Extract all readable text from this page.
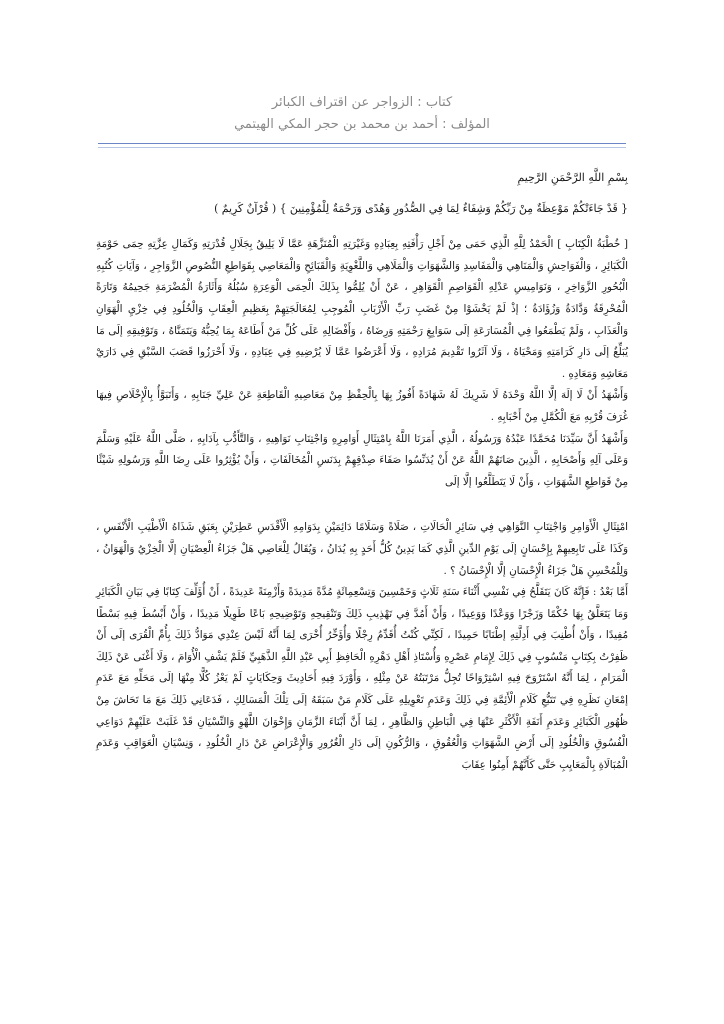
كتاب : الزواجر عن اقتراف الكبائر

المؤلف : أحمد بن محمد بن حجر المكي الهيتمي

بِسْمِ اللَّهِ الرَّحْمَنِ الرَّحِيمِ

{ قَدْ جَاءَتْكُمْ مَوْعِظَةٌ مِنْ رَبِّكُمْ وَشِفَاءٌ لِمَا فِي الصُّدُورِ وَهُدًى وَرَحْمَةٌ لِلْمُؤْمِنِينَ } ( قُرْآنٌ كَرِيمٌ )

[ خُطْبَةُ الْكِتَابِ ] الْحَمْدُ لِلَّهِ الَّذِي حَمَى مِنْ أَجْلِ رَأْفَتِهِ بِعِبَادِهِ وَغَيْرَتِهِ الْمُنَزَّهَةِ عَمَّا لَا يَلِيقُ بِجَلَالِ قُدْرَتِهِ وَكَمَالِ عِزَّتِهِ حِمَى حَوْمَةِ الْكَبَائِرِ ، وَالْفَوَاحِشِ وَالْمَنَاهِي وَالْمَفَاسِدِ وَالشَّهَوَاتِ وَالْمَلَاهِي وَاللَّغْوِيَةِ وَالْقَبَائِحِ وَالْمَعَاصِي بِقَوَاطِعِ النُّصُوصِ الزَّوَاجِرِ ، وَآيَاتِ كُتُبِهِ الْبُحُورِ الزَّوَاخِرِ ، وَنَوَامِيسِ عَدْلِهِ الْقَوَاصِمِ الْقَوَاهِرِ ، عَنْ أَنْ يُلِمُّوا بِذَلِكَ الْحِمَى الْوَعِرَةِ سُبُلُهُ وَأَثَارَةُ الْمُضْرَمَةِ جَحِيمُهُ وَتَارَةً الْمُحْرِقَةُ وَدَّادَةُ وَزُؤَادَةُ ؛ إذْ لَمْ يَخْشَوْا مِنْ غَضَبِ رَبِّ الْأَرْبَابِ الْمُوجِبِ لِمُعَالَجَتِهِمْ بِعَظِيمِ الْعِقَابِ وَالْخُلُودِ فِي خِزْيِ الْهَوَانِ وَالْعَذَابِ ، وَلَمْ يَطْمَعُوا فِي الْمُسَارَعَةِ إلَى سَوَابِغِ رَحْمَتِهِ وَرِضَاهُ ، وَأَفْضَالِهِ عَلَى كُلِّ مَنْ أَطَاعَهُ بِمَا يُحِبُّهُ وَيَتَمَنَّاهُ ، وَتَوْفِيقِهِ إلَى مَا يُبَلِّغُ إلَى دَارِ كَرَامَتِهِ وَمَحْيَاهُ ، وَلَا آثَرُوا تَقْدِيمَ مُرَادِهِ ، وَلَا أَعْرَضُوا عَمَّا لَا يُرْضِيهِ فِي عِبَادِهِ ، وَلَا أَحْرَزُوا قَصَبَ السَّبْقِ فِي دَارَيْ مَعَاشِهِ وَمَعَادِهِ .

وَأَشْهَدُ أَنْ لَا إلَهَ إلَّا اللَّهُ وَحْدَهُ لَا شَرِيكَ لَهُ شَهَادَةً أَفُوزُ بِهَا بِالْحِفْظِ مِنْ مَعَاصِيهِ الْقَاطِعَةِ عَنْ عَلِيِّ جَنَابِهِ ، وَأَتَبَوَّأُ بِالْإِخْلَاصِ فِيهَا غُرَفَ قُرْبِهِ مَعَ الْكُمَّلِ مِنْ أَحْبَابِهِ .

وَأَشْهَدُ أَنَّ سَيِّدَنَا مُحَمَّدًا عَبْدُهُ وَرَسُولُهُ ، الَّذِي أَمَرَنَا اللَّهُ بِامْتِثَالِ أَوَامِرِهِ وَاجْتِنَابِ نَوَاهِيهِ ، وَالتَّأَدُّبِ بِآدَابِهِ ، صَلَّى اللَّهُ عَلَيْهِ وَسَلَّمَ وَعَلَى آلِهِ وَأَصْحَابِهِ ، الَّذِينَ صَانَهُمْ اللَّهُ عَنْ أَنْ يُدَنِّسُوا صَفَاءَ صِدْقِهِمْ بِدَنَسِ الْمُخَالَفَاتِ ، وَأَنْ يُؤْثِرُوا عَلَى رِضَا اللَّهِ وَرَسُولِهِ شَيْئًا مِنْ قَوَاطِعِ الشَّهَوَاتِ ، وَأَنْ لَا يَتَطَلَّعُوا إلَّا إلَى

امْتِثَالِ الْأَوَامِرِ وَاجْتِنَابِ النَّوَاهِي فِي سَائِرِ الْحَالَاتِ ، صَلَاةً وَسَلَامًا دَائِمَيْنِ بِدَوَامِهِ الْأَقْدَسِ عَطِرَيْنِ بِعَبَقِ شَذَاهُ الْأَطْيَبِ الْأَنْفَسِ ، وَكَذَا عَلَى تَابِعِيهِمْ بِإِحْسَانٍ إلَى يَوْمِ الدِّينِ الَّذِي كَمَا يَدِينُ كُلُّ أَحَدٍ بِهِ يُدَانُ ، وَيُقَالُ لِلْعَاصِي هَلْ جَزَاءُ الْعِصْيَانِ إلَّا الْخِزْيُ وَالْهَوَانُ ، وَلِلْمُحْسِنِ هَلْ جَزَاءُ الْإِحْسَانِ إلَّا الْإِحْسَانُ ؟ .

أَمَّا بَعْدُ : فَإِنَّهُ كَانَ يَتَقَلَّحُ فِي نَفْسِي أَثْنَاءَ سَنَةِ ثَلَاثٍ وَخَمْسِينَ وَتِسْعِمِائَةٍ مُدَّةً مَدِيدَةً وَأَزْمِنَةً عَدِيدَةً ، أَنْ أُؤَلِّفَ كِتَابًا فِي بَيَانِ الْكَبَائِرِ وَمَا يَتَعَلَّقُ بِهَا حُكْمًا وَزَجْرًا وَوَعْدًا وَوَعِيدًا ، وَأَنْ أَمُدَّ فِي تَهْذِيبِ ذَلِكَ وَتَنْقِيحِهِ وَتَوْضِيحِهِ بَاعًا طَوِيلًا مَدِيدًا ، وَأَنْ أَبْسُطَ فِيهِ بَسْطًا مُفِيدًا ، وَأَنْ أُطْنِبَ فِي أَدِلَّتِهِ إطْنَابًا حَمِيدًا ، لَكِنِّي كُنْتُ أُقَدِّمُ رِجْلًا وَأُؤَخِّرُ أُخْرَى لِمَا أَنَّهُ لَيْسَ عِنْدِي مَوَادُّ ذَلِكَ بِأُمِّ الْقُرَى إلَى أَنْ ظَفِرْتُ بِكِتَابٍ مَنْسُوبٍ فِي ذَلِكَ لِإِمَامِ عَصْرِهِ وَأُسْتَاذِ أَهْلِ دَهْرِهِ الْحَافِظِ أَبِي عَبْدِ اللَّهِ الذَّهَبِيِّ فَلَمْ يَشْفِ الْأُوَامَ ، وَلَا أَغْنَى عَنْ ذَلِكَ الْمَرَامِ ، لِمَا أَنَّهُ اسْتَرْوَحَ فِيهِ اسْتِرْوَاحًا تُجِلُّ مَرْتَبَتُهُ عَنْ مِثْلِهِ ، وَأَوْرَدَ فِيهِ أَحَادِيثَ وَحِكَايَاتٍ لَمْ يَعْزُ كُلًّا مِنْهَا إلَى مَحَلِّهِ مَعَ عَدَمِ إمْعَانِ نَظَرِهِ فِي تَتَبُّعِ كَلَامِ الْأَئِمَّةِ فِي ذَلِكَ وَعَدَمِ تَعْوِيلِهِ عَلَى كَلَامِ مَنْ سَبَقَهُ إلَى تِلْكَ الْمَسَالِكِ ، فَدَعَانِي ذَلِكَ مَعَ مَا تَحَاشَ مِنْ ظُهُورِ الْكَبَائِرِ وَعَدَمِ أَنَفَةِ الْأَكْثَرِ عَنْهَا فِي الْبَاطِنِ وَالظَّاهِرِ ، لِمَا أَنَّ أَبْنَاءَ الزَّمَانِ وَإِخْوَانَ اللَّهْوِ وَالنِّسْيَانِ قَدْ غَلَبَتْ عَلَيْهِمْ دَوَاعِي الْفُسُوقِ وَالْخُلُودِ إلَى أَرْضِ الشَّهَوَاتِ وَالْعُقُوقِ ، وَالرُّكُونِ إلَى دَارِ الْغُرُورِ وَالْإِعْرَاضِ عَنْ دَارِ الْخُلُودِ ، وَنِسْيَانِ الْعَوَاقِبِ وَعَدَمِ الْمُبَالَاةِ بِالْمَعَايِبِ حَتَّى كَأَنَّهُمْ أَمِنُوا عِقَابَ
